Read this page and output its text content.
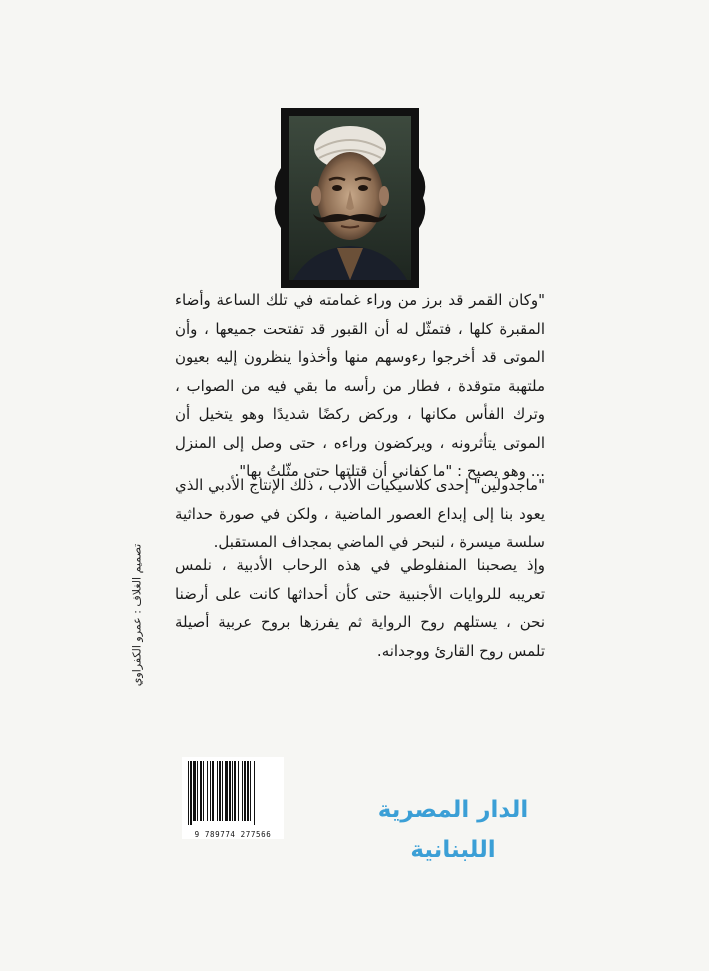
"وكان القمر قد برز من وراء غمامته في تلك الساعة وأضاء المقبرة كلها ، فتمثّل له أن القبور قد تفتحت جميعها ، وأن الموتى قد أخرجوا رءوسهم منها وأخذوا ينظرون إليه بعيون ملتهبة متوقدة ، فطار من رأسه ما بقي فيه من الصواب ، وترك الفأس مكانها ، وركض ركضًا شديدًا وهو يتخيل أن الموتى يتأثرونه ، ويركضون وراءه ، حتى وصل إلى المنزل ... وهو يصيح : "ما كفاني أن قتلتها حتى مثّلتُ بها".

"ماجدولين" إحدى كلاسيكيات الأدب ، ذلك الإنتاج الأدبي الذي يعود بنا إلى إبداع العصور الماضية ، ولكن في صورة حداثية سلسة ميسرة ، لنبحر في الماضي بمجداف المستقبل.

وإذ يصحبنا المنفلوطي في هذه الرحاب الأدبية ، نلمس تعريبه للروايات الأجنبية حتى كأن أحداثها كانت على أرضنا نحن ، يستلهم روح الرواية ثم يفرزها بروح عربية أصيلة تلمس روح القارئ ووجدانه.

تصميم الغلاف : عمرو الكفراوي
9 789774 277566
الدار المصرية اللبنانية
